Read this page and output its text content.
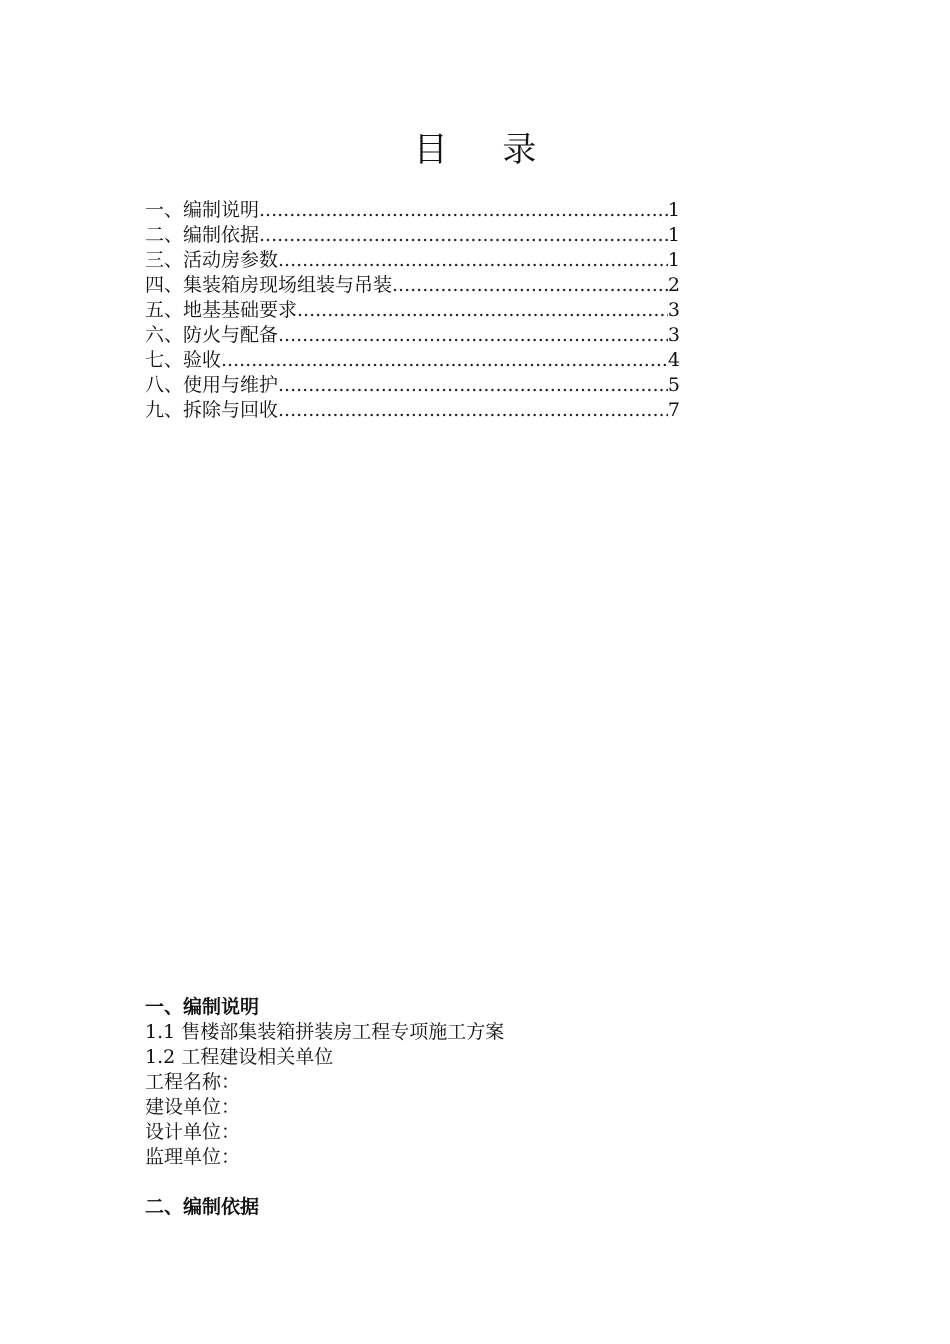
目 录
一、编制说明 .....	1
二、编制依据 .....	1
三、活动房参数 .....	1
四、集装箱房现场组装与吊装 .....	2
五、地基基础要求 .....	3
六、防火与配备 .....	3
七、验收 .....	4
八、使用与维护 .....	5
九、拆除与回收 .....	7
一、编制说明
1.1 售楼部集装箱拼装房工程专项施工方案
1.2 工程建设相关单位
工程名称：
建设单位：
设计单位：
监理单位：
二、编制依据
